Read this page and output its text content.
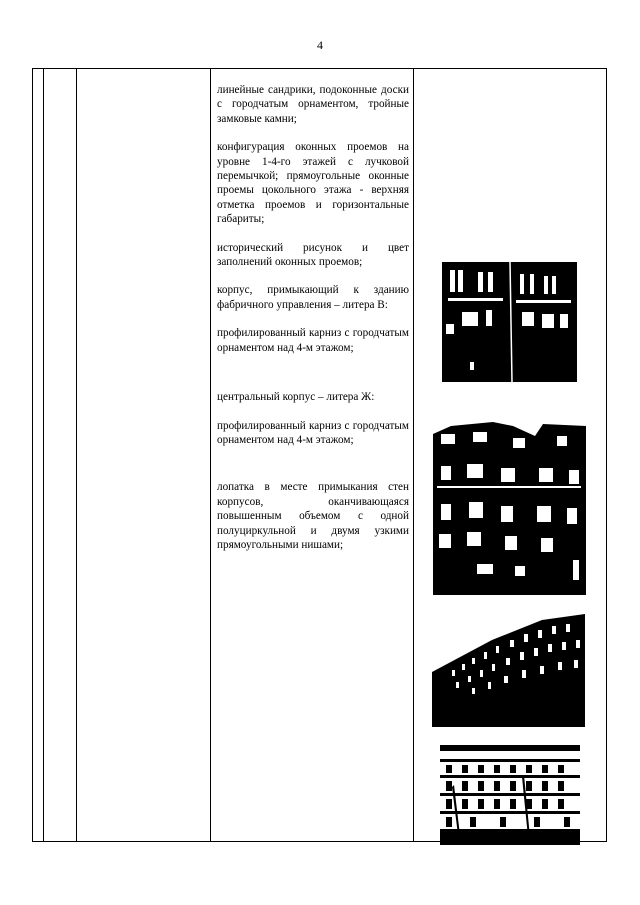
4
линейные сандрики, подоконные доски с городчатым орнаментом, тройные замковые камни;
конфигурация оконных проемов на уровне 1-4-го этажей с лучковой перемычкой; прямоугольные оконные проемы цокольного этажа - верхняя отметка проемов и горизонтальные габариты;
исторический рисунок и цвет заполнений оконных проемов;
корпус, примыкающий к зданию фабричного управления – литера В:
профилированный карниз с городчатым орнаментом над 4-м этажом;
центральный корпус – литера Ж:
профилированный карниз с городчатым орнаментом над 4-м этажом;
лопатка в месте примыкания стен корпусов, оканчивающаяся повышенным объемом с одной полуциркульной и двумя узкими прямоугольными нишами;
